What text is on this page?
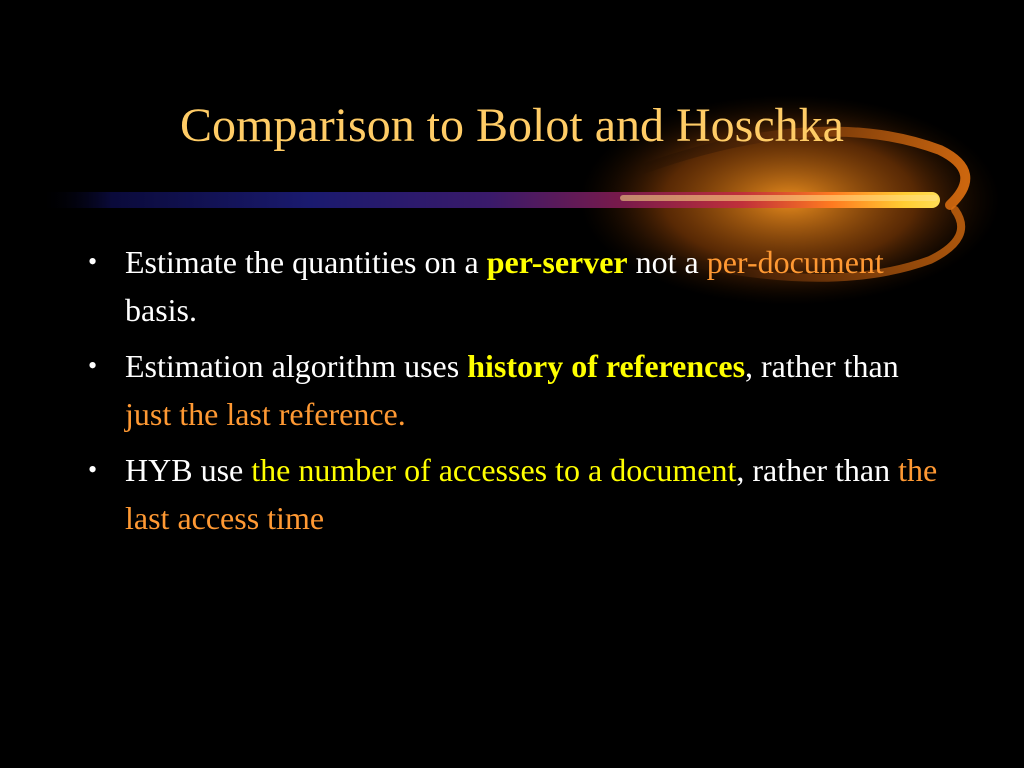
Comparison to Bolot and Hoschka
• Estimate the quantities on a per-server not a per-document basis.
• Estimation algorithm uses history of references, rather than just the last reference.
• HYB use the number of accesses to a document, rather than the last access time
